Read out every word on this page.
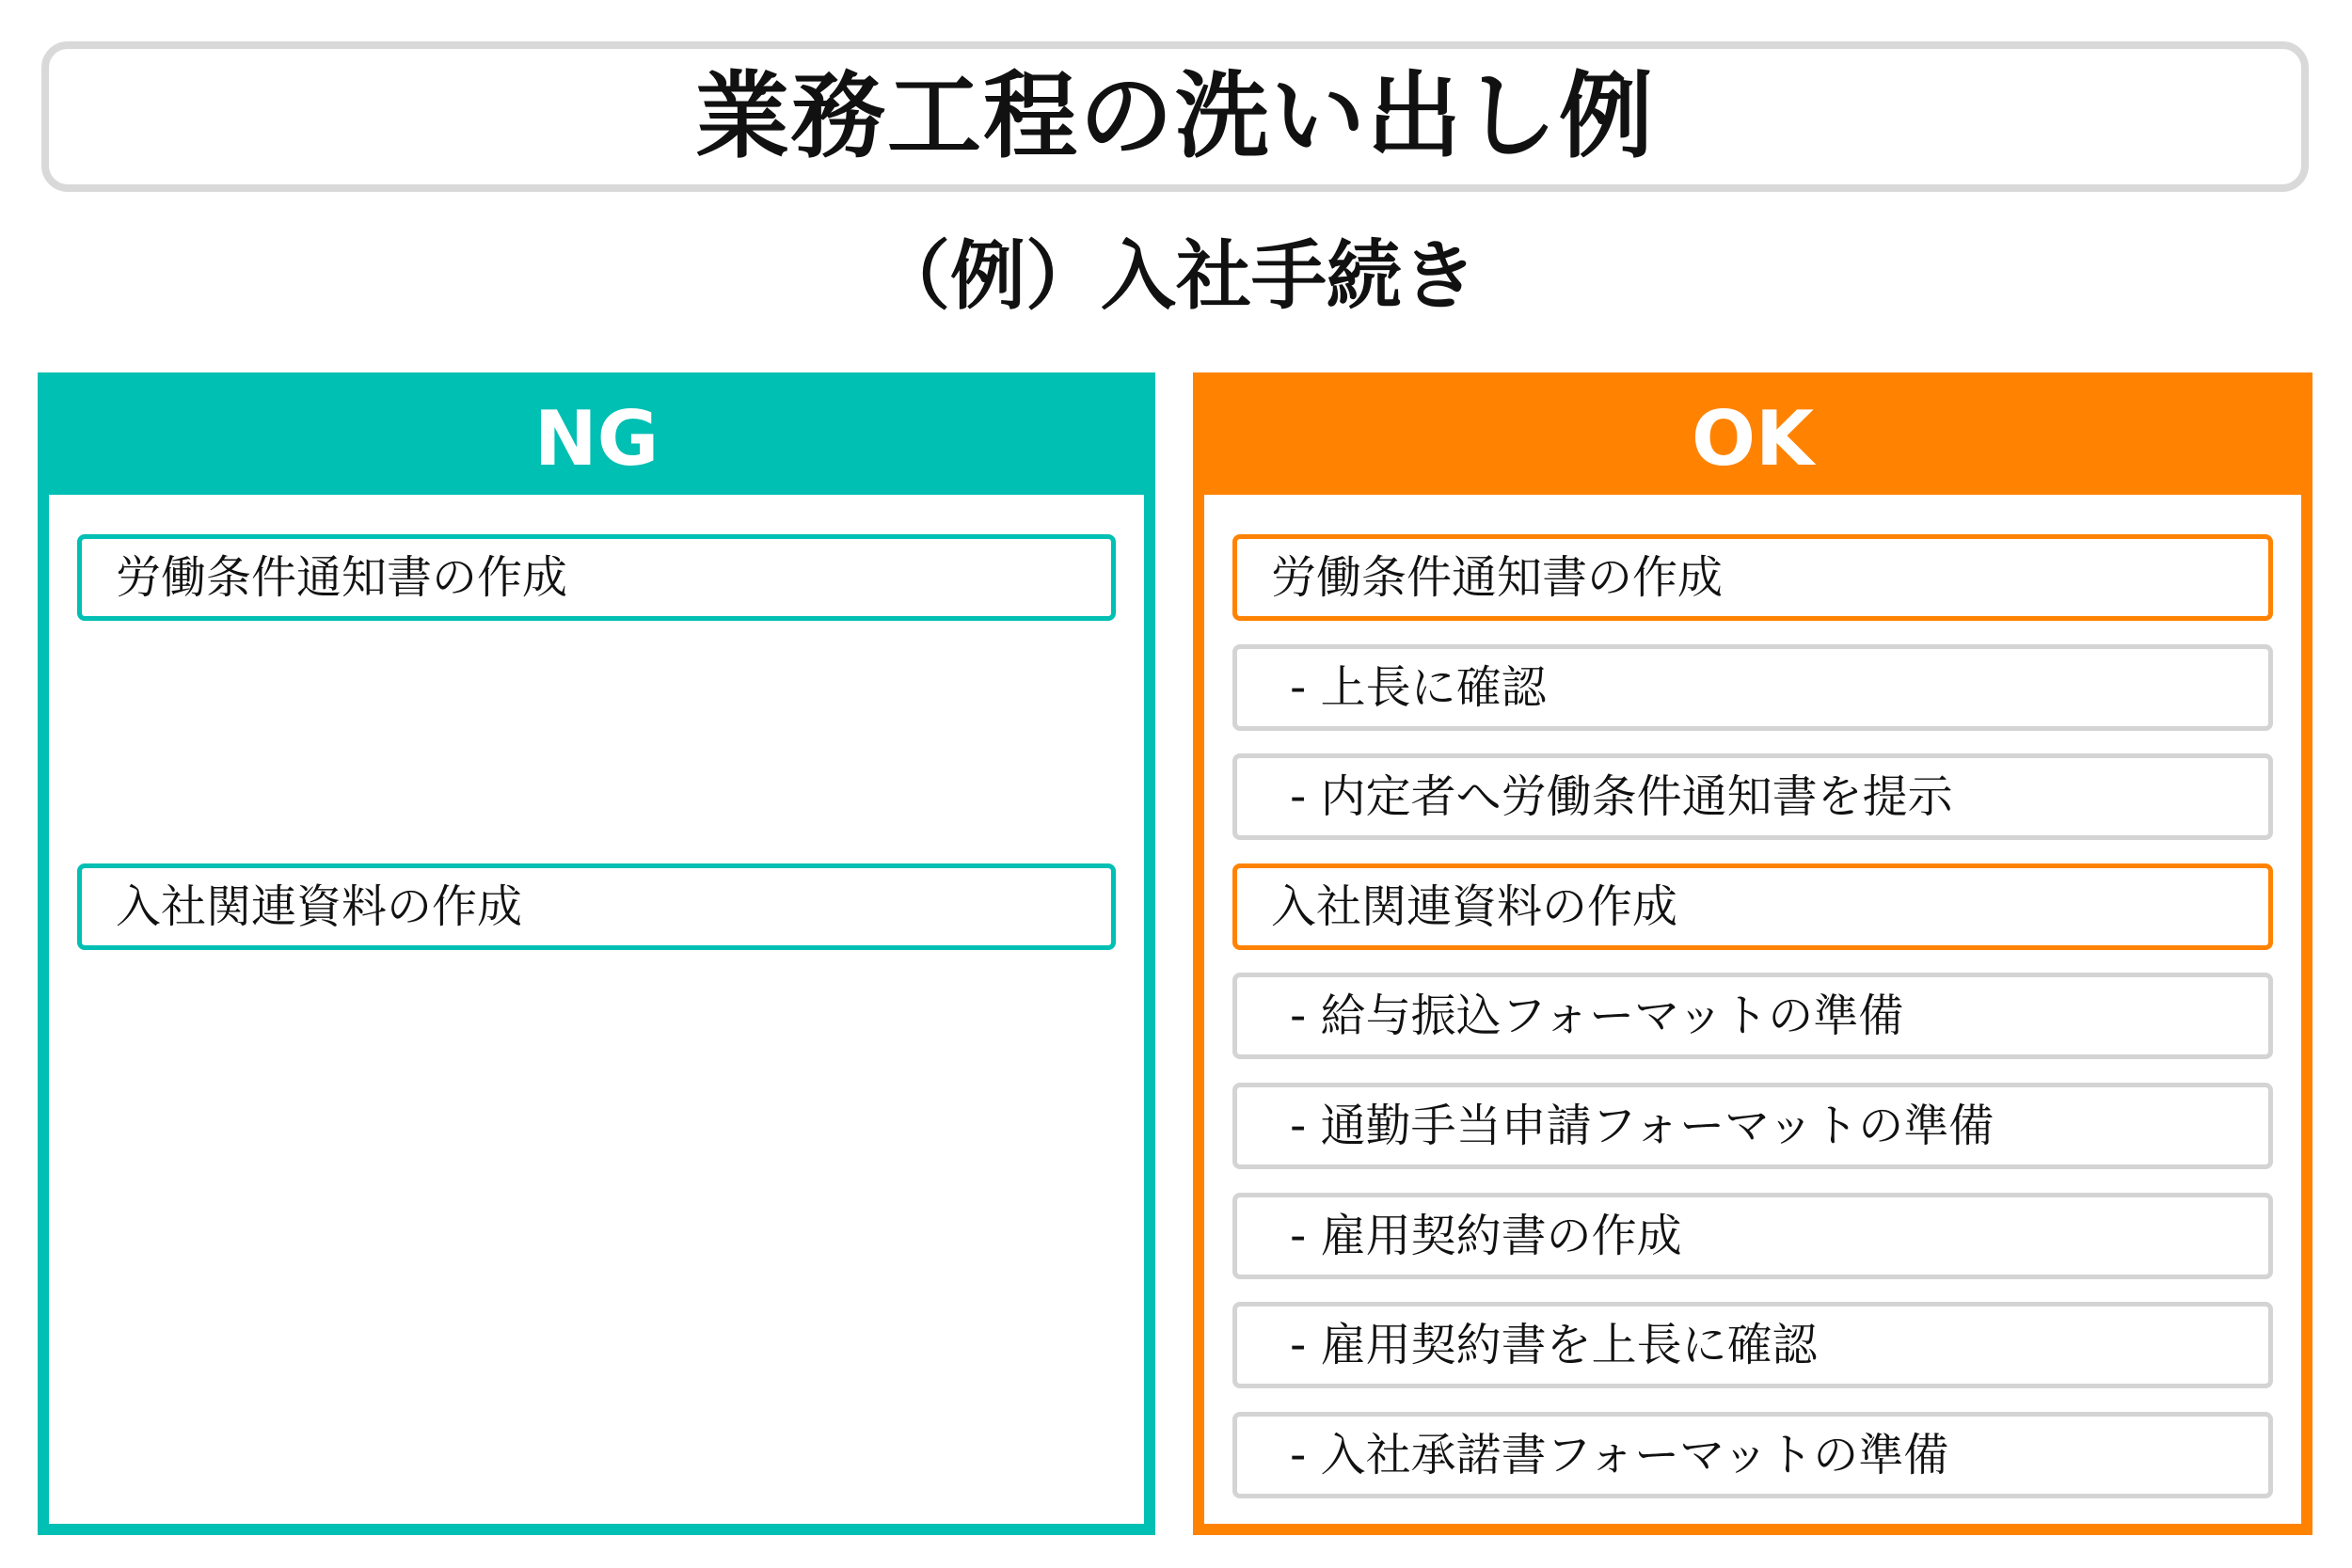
業務工程の洗い出し例
（例）入社手続き
NG
労働条件通知書の作成
入社関連資料の作成
OK
労働条件通知書の作成
- 上長に確認
- 内定者へ労働条件通知書を提示
入社関連資料の作成
- 給与振込フォーマットの準備
- 通勤手当申請フォーマットの準備
- 雇用契約書の作成
- 雇用契約書を上長に確認
- 入社承諾書フォーマットの準備
